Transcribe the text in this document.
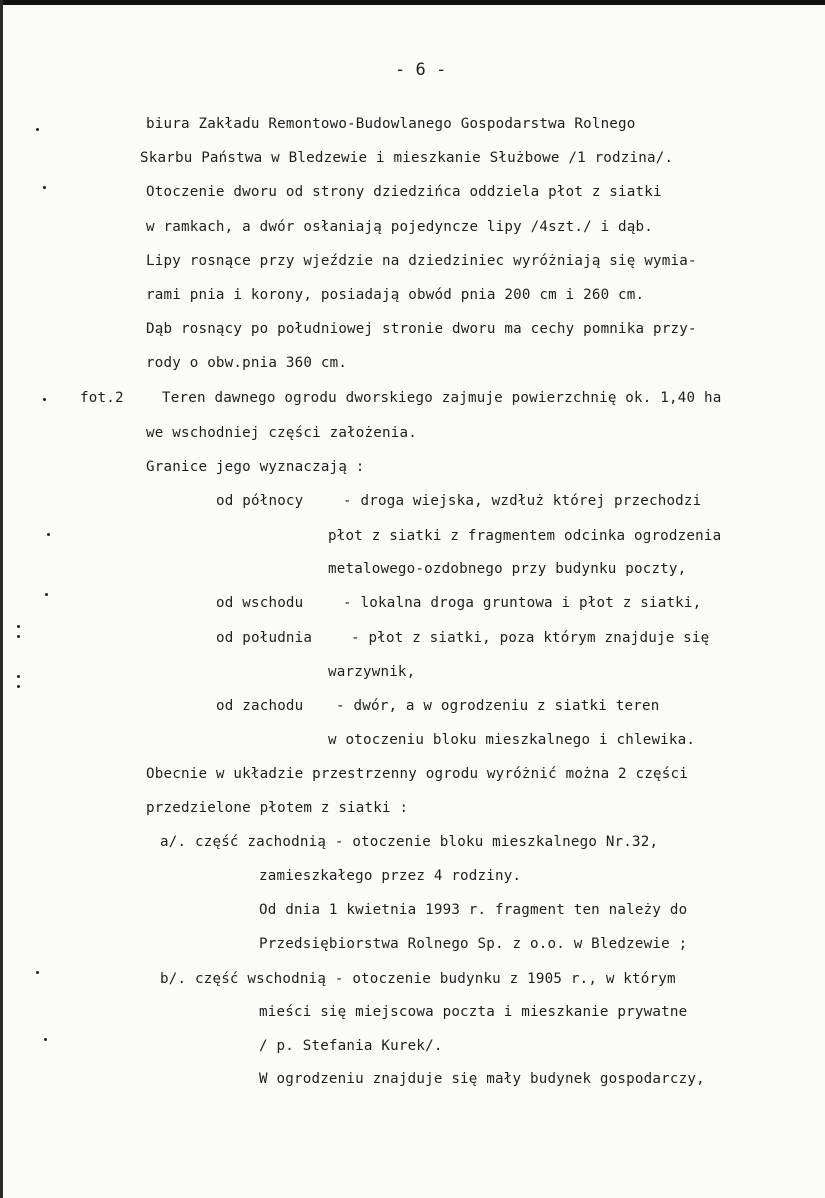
- 6 -
fot.2
biura Zakładu Remontowo-Budowlanego Gospodarstwa Rolnego
Skarbu Państwa w Bledzewie i mieszkanie Służbowe /1 rodzina/.
Otoczenie dworu od strony dziedzińca oddziela płot z siatki
w ramkach, a dwór osłaniają pojedyncze lipy /4szt./ i dąb.
Lipy rosnące przy wjeździe na dziedziniec wyróżniają się wymia-
rami pnia i korony, posiadają obwód pnia 200 cm i 260 cm.
Dąb rosnący po południowej stronie dworu ma cechy pomnika przy-
rody o obw.pnia 360 cm.
Teren dawnego ogrodu dworskiego zajmuje powierzchnię ok. 1,40 ha
we wschodniej części założenia.
Granice jego wyznaczają :
od północy	- droga wiejska, wzdłuż której przechodzi
płot z siatki z fragmentem odcinka ogrodzenia
metalowego-ozdobnego przy budynku poczty,
od wschodu	- lokalna droga gruntowa i płot z siatki,
od południa	- płot z siatki, poza którym znajduje się
warzywnik,
od zachodu - dwór, a w ogrodzeniu z siatki teren
w otoczeniu bloku mieszkalnego i chlewika.
Obecnie w układzie przestrzenny ogrodu wyróżnić można 2 części
przedzielone płotem z siatki :
a/. część zachodnią - otoczenie bloku mieszkalnego Nr.32,
zamieszkałego przez 4 rodziny.
Od dnia 1 kwietnia 1993 r. fragment ten należy do
Przedsiębiorstwa Rolnego Sp. z o.o. w Bledzewie ;
b/. część wschodnią - otoczenie budynku z 1905 r., w którym
mieści się miejscowa poczta i mieszkanie prywatne
/ p. Stefania Kurek/.
W ogrodzeniu znajduje się mały budynek gospodarczy,
